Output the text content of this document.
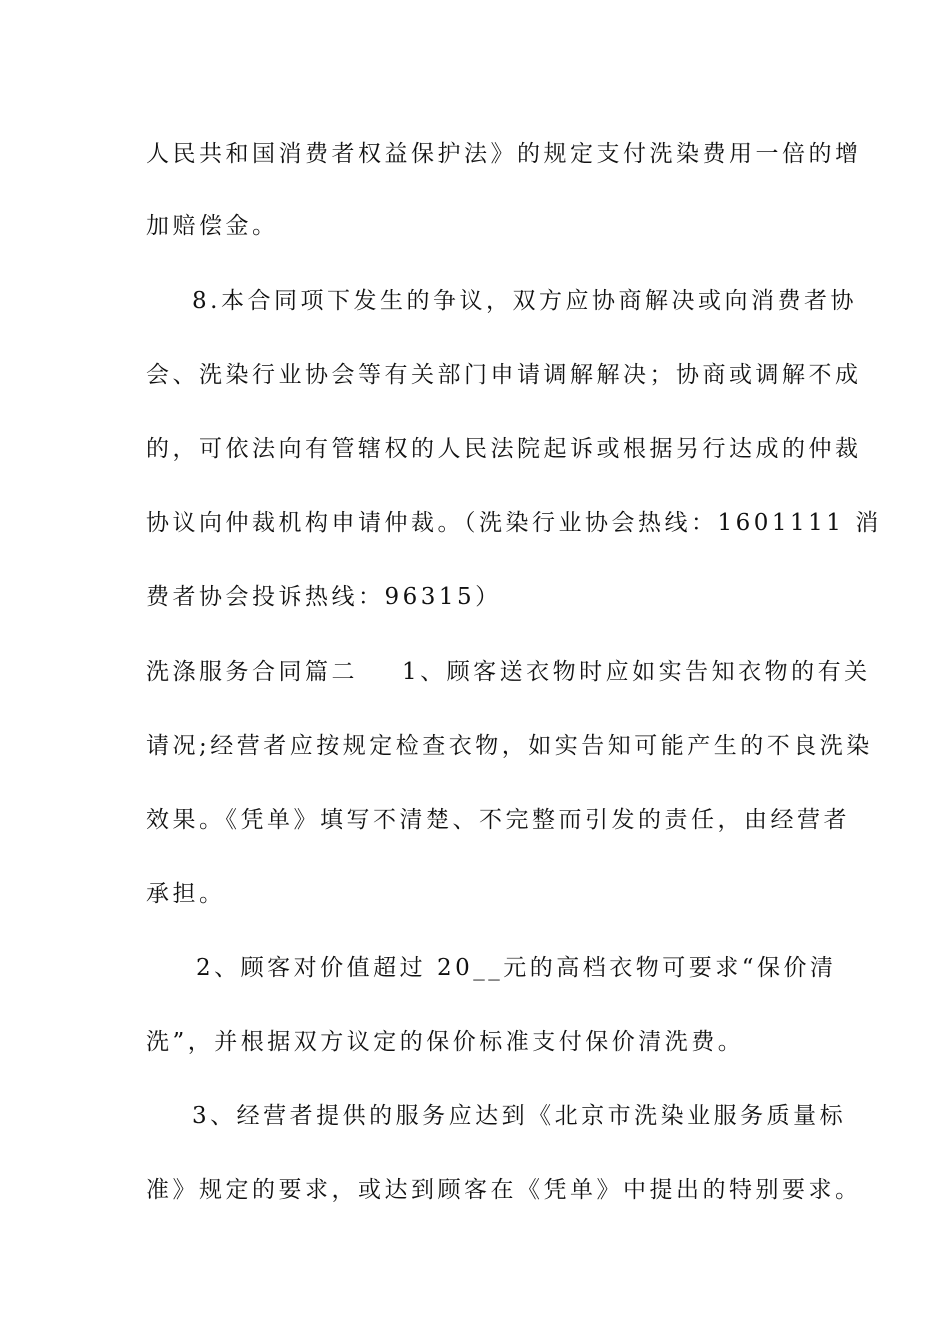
人民共和国消费者权益保护法》的规定支付洗染费用一倍的增
加赔偿金。
8.本合同项下发生的争议，双方应协商解决或向消费者协
会、洗染行业协会等有关部门申请调解解决；协商或调解不成
的，可依法向有管辖权的人民法院起诉或根据另行达成的仲裁
协议向仲裁机构申请仲裁。（洗染行业协会热线：1601111 消
费者协会投诉热线：96315）
洗涤服务合同篇二 1、顾客送衣物时应如实告知衣物的有关
请况;经营者应按规定检查衣物，如实告知可能产生的不良洗染
效果。《凭单》填写不清楚、不完整而引发的责任，由经营者
承担。
2、顾客对价值超过 20__元的高档衣物可要求“保价清
洗”，并根据双方议定的保价标准支付保价清洗费。
3、经营者提供的服务应达到《北京市洗染业服务质量标
准》规定的要求，或达到顾客在《凭单》中提出的特别要求。
